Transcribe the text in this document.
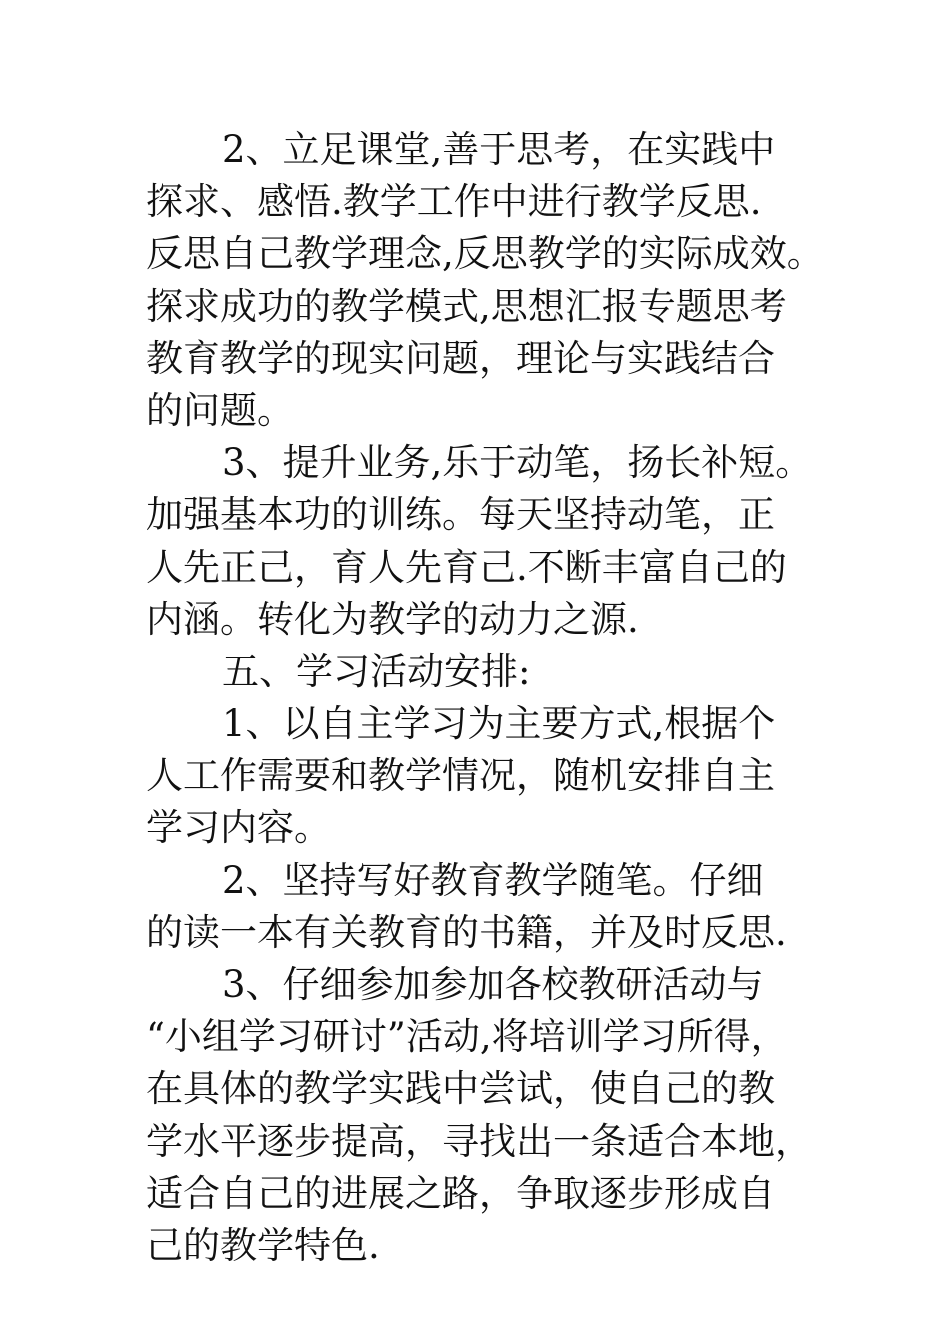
2、立足课堂,善于思考，在实践中
探求、感悟.教学工作中进行教学反思.
反思自己教学理念,反思教学的实际成效。
探求成功的教学模式,思想汇报专题思考
教育教学的现实问题，理论与实践结合
的问题。

3、提升业务,乐于动笔，扬长补短。
加强基本功的训练。每天坚持动笔，正
人先正己，育人先育己.不断丰富自己的
内涵。转化为教学的动力之源.

五、学习活动安排:

1、以自主学习为主要方式,根据个
人工作需要和教学情况，随机安排自主
学习内容。

2、坚持写好教育教学随笔。仔细
的读一本有关教育的书籍，并及时反思.

3、仔细参加参加各校教研活动与
“小组学习研讨”活动,将培训学习所得，
在具体的教学实践中尝试，使自己的教
学水平逐步提高，寻找出一条适合本地，
适合自己的进展之路，争取逐步形成自
己的教学特色.
